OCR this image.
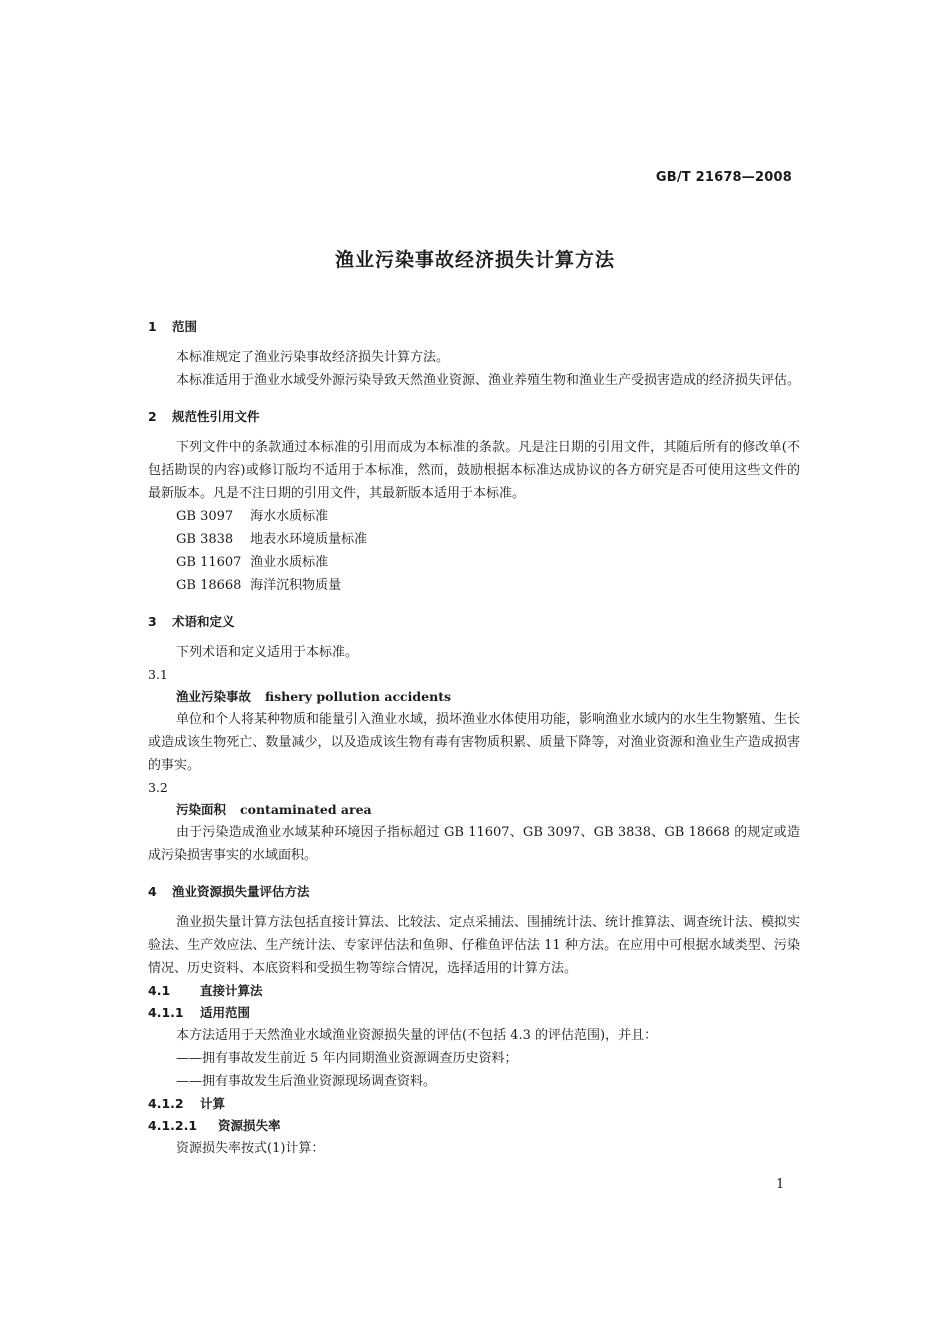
GB/T 21678—2008
渔业污染事故经济损失计算方法
1 范围
本标准规定了渔业污染事故经济损失计算方法。
本标准适用于渔业水域受外源污染导致天然渔业资源、渔业养殖生物和渔业生产受损害造成的经济损失评估。
2 规范性引用文件
下列文件中的条款通过本标准的引用而成为本标准的条款。凡是注日期的引用文件，其随后所有的修改单(不包括勘误的内容)或修订版均不适用于本标准，然而，鼓励根据本标准达成协议的各方研究是否可使用这些文件的最新版本。凡是不注日期的引用文件，其最新版本适用于本标准。
GB 3097 海水水质标准
GB 3838 地表水环境质量标准
GB 11607 渔业水质标准
GB 18668 海洋沉积物质量
3 术语和定义
下列术语和定义适用于本标准。
3.1
渔业污染事故 fishery pollution accidents
单位和个人将某种物质和能量引入渔业水域，损坏渔业水体使用功能，影响渔业水域内的水生生物繁殖、生长或造成该生物死亡、数量减少，以及造成该生物有毒有害物质积累、质量下降等，对渔业资源和渔业生产造成损害的事实。
3.2
污染面积 contaminated area
由于污染造成渔业水域某种环境因子指标超过 GB 11607、GB 3097、GB 3838、GB 18668 的规定或造成污染损害事实的水域面积。
4 渔业资源损失量评估方法
渔业损失量计算方法包括直接计算法、比较法、定点采捕法、围捕统计法、统计推算法、调查统计法、模拟实验法、生产效应法、生产统计法、专家评估法和鱼卵、仔稚鱼评估法 11 种方法。在应用中可根据水域类型、污染情况、历史资料、本底资料和受损生物等综合情况，选择适用的计算方法。
4.1 直接计算法
4.1.1 适用范围
本方法适用于天然渔业水域渔业资源损失量的评估(不包括 4.3 的评估范围)，并且：
——拥有事故发生前近 5 年内同期渔业资源调查历史资料；
——拥有事故发生后渔业资源现场调查资料。
4.1.2 计算
4.1.2.1 资源损失率
资源损失率按式(1)计算：
1
